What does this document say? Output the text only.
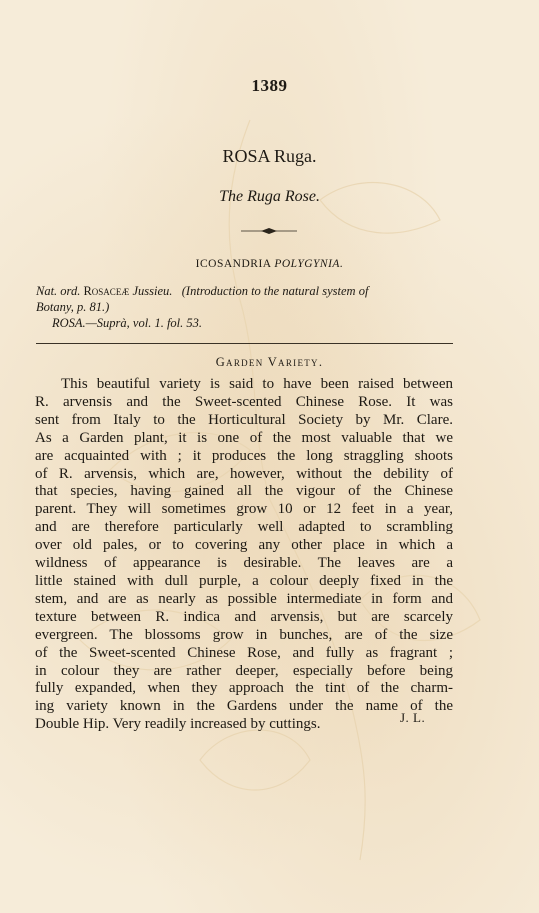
1389
ROSA Ruga.
The Ruga Rose.
ICOSANDRIA POLYGYNIA.
Nat. ord. Rosaceæ Jussieu. (Introduction to the natural system of
Botany, p. 81.)
ROSA.—Suprà, vol. 1. fol. 53.
Garden Variety.
This beautiful variety is said to have been raised between
R. arvensis and the Sweet-scented Chinese Rose. It was
sent from Italy to the Horticultural Society by Mr. Clare.
As a Garden plant, it is one of the most valuable that we
are acquainted with ; it produces the long straggling shoots
of R. arvensis, which are, however, without the debility of
that species, having gained all the vigour of the Chinese
parent. They will sometimes grow 10 or 12 feet in a year,
and are therefore particularly well adapted to scrambling
over old pales, or to covering any other place in which a
wildness of appearance is desirable. The leaves are a
little stained with dull purple, a colour deeply fixed in the
stem, and are as nearly as possible intermediate in form and
texture between R. indica and arvensis, but are scarcely
evergreen. The blossoms grow in bunches, are of the size
of the Sweet-scented Chinese Rose, and fully as fragrant ;
in colour they are rather deeper, especially before being
fully expanded, when they approach the tint of the charm-
ing variety known in the Gardens under the name of the
Double Hip. Very readily increased by cuttings.	J. L.
